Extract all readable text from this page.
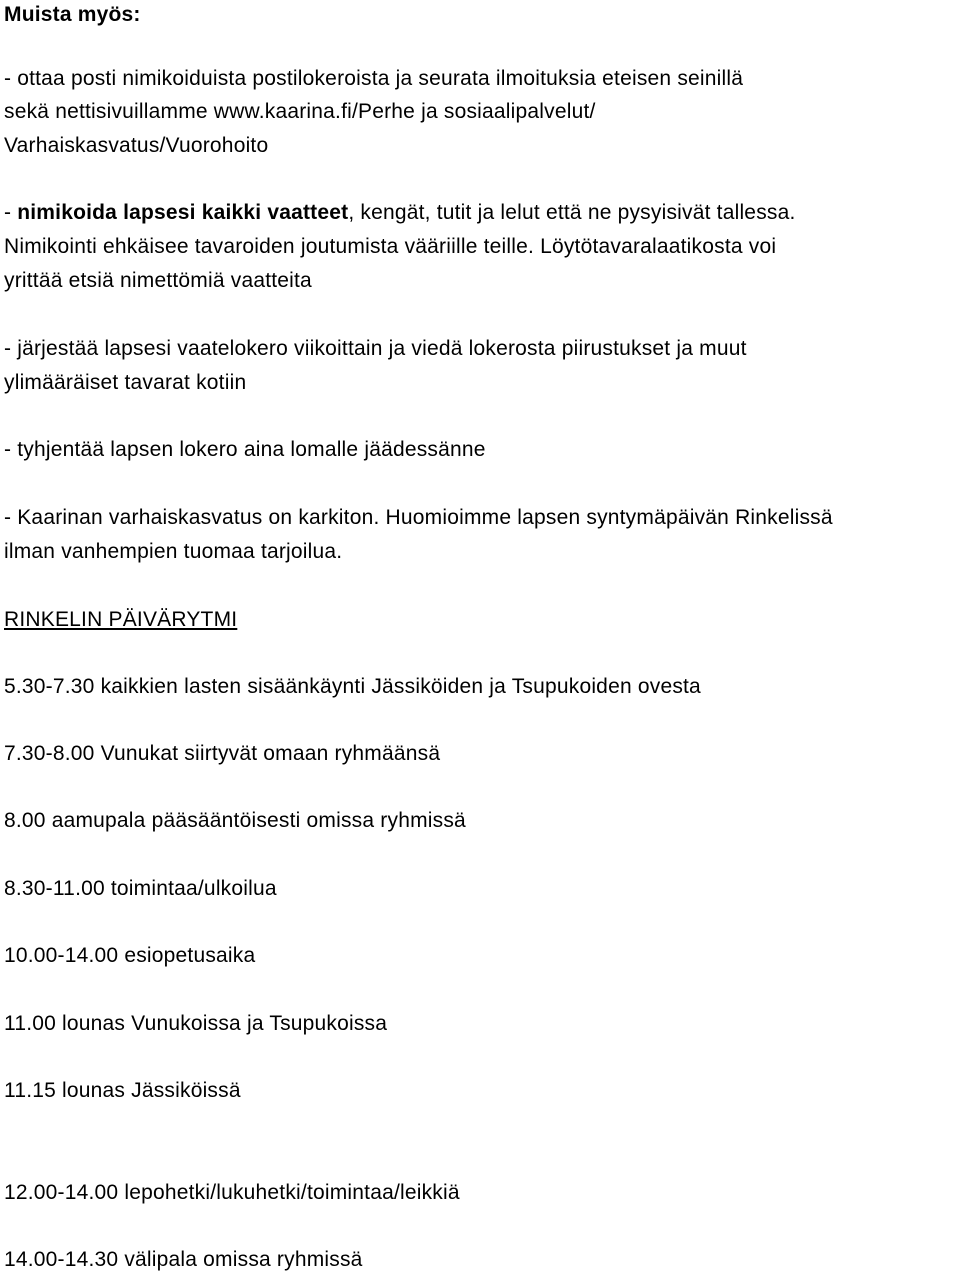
Muista myös:
- ottaa posti nimikoiduista postilokeroista ja seurata ilmoituksia eteisen seinillä
sekä nettisivuillamme www.kaarina.fi/Perhe ja sosiaalipalvelut/
Varhaiskasvatus/Vuorohoito
- nimikoida lapsesi kaikki vaatteet, kengät, tutit ja lelut että ne pysyisivät tallessa.
Nimikointi ehkäisee tavaroiden joutumista vääriille teille. Löytötavaralaatikosta voi
yrittää etsiä nimettömiä vaatteita
- järjestää lapsesi vaatelokero viikoittain ja viedä lokerosta piirustukset ja muut
ylimääräiset tavarat kotiin
- tyhjentää lapsen lokero aina lomalle jäädessänne
- Kaarinan varhaiskasvatus on karkiton. Huomioimme lapsen syntymäpäivän Rinkelissä
ilman vanhempien tuomaa tarjoilua.
RINKELIN PÄIVÄRYTMI
5.30-7.30 kaikkien lasten sisäänkäynti Jässiköiden ja Tsupukoiden ovesta
7.30-8.00 Vunukat siirtyvät omaan ryhmäänsä
8.00 aamupala pääsääntöisesti omissa ryhmissä
8.30-11.00 toimintaa/ulkoilua
10.00-14.00 esiopetusaika
11.00 lounas Vunukoissa ja Tsupukoissa
11.15 lounas Jässiköissä
12.00-14.00 lepohetki/lukuhetki/toimintaa/leikkiä
14.00-14.30 välipala omissa ryhmissä
